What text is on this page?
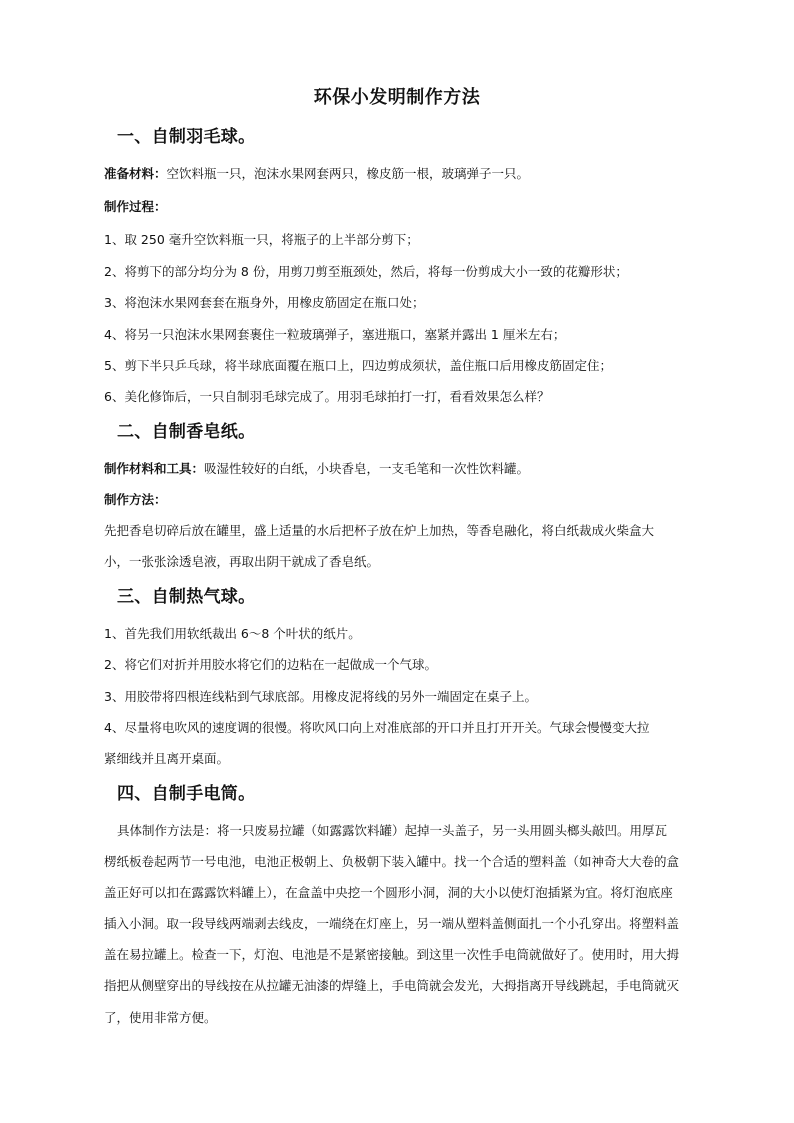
环保小发明制作方法
一、自制羽毛球。
准备材料：空饮料瓶一只，泡沫水果网套两只，橡皮筋一根，玻璃弹子一只。
制作过程：
1、取 250 毫升空饮料瓶一只，将瓶子的上半部分剪下；
2、将剪下的部分均分为 8 份，用剪刀剪至瓶颈处，然后，将每一份剪成大小一致的花瓣形状；
3、将泡沫水果网套套在瓶身外，用橡皮筋固定在瓶口处；
4、将另一只泡沫水果网套裹住一粒玻璃弹子，塞进瓶口，塞紧并露出 1 厘米左右；
5、剪下半只乒乓球，将半球底面覆在瓶口上，四边剪成须状，盖住瓶口后用橡皮筋固定住；
6、美化修饰后，一只自制羽毛球完成了。用羽毛球拍打一打，看看效果怎么样？
二、自制香皂纸。
制作材料和工具：吸湿性较好的白纸，小块香皂，一支毛笔和一次性饮料罐。
制作方法：
先把香皂切碎后放在罐里，盛上适量的水后把杯子放在炉上加热，等香皂融化，将白纸裁成火柴盒大
小，一张张涂透皂液，再取出阴干就成了香皂纸。
三、自制热气球。
1、首先我们用软纸裁出 6～8 个叶状的纸片。
2、将它们对折并用胶水将它们的边粘在一起做成一个气球。
3、用胶带将四根连线粘到气球底部。用橡皮泥将线的另外一端固定在桌子上。
4、尽量将电吹风的速度调的很慢。将吹风口向上对准底部的开口并且打开开关。气球会慢慢变大拉
紧细线并且离开桌面。
四、自制手电筒。
具体制作方法是：将一只废易拉罐（如露露饮料罐）起掉一头盖子，另一头用圆头榔头敲凹。用厚瓦
楞纸板卷起两节一号电池，电池正极朝上、负极朝下装入罐中。找一个合适的塑料盖（如神奇大大卷的盒
盖正好可以扣在露露饮料罐上），在盒盖中央挖一个圆形小洞，洞的大小以使灯泡插紧为宜。将灯泡底座
插入小洞。取一段导线两端剥去线皮，一端绕在灯座上，另一端从塑料盖侧面扎一个小孔穿出。将塑料盖
盖在易拉罐上。检查一下，灯泡、电池是不是紧密接触。到这里一次性手电筒就做好了。使用时，用大拇
指把从侧壁穿出的导线按在从拉罐无油漆的焊缝上，手电筒就会发光，大拇指离开导线跳起，手电筒就灭
了，使用非常方便。
